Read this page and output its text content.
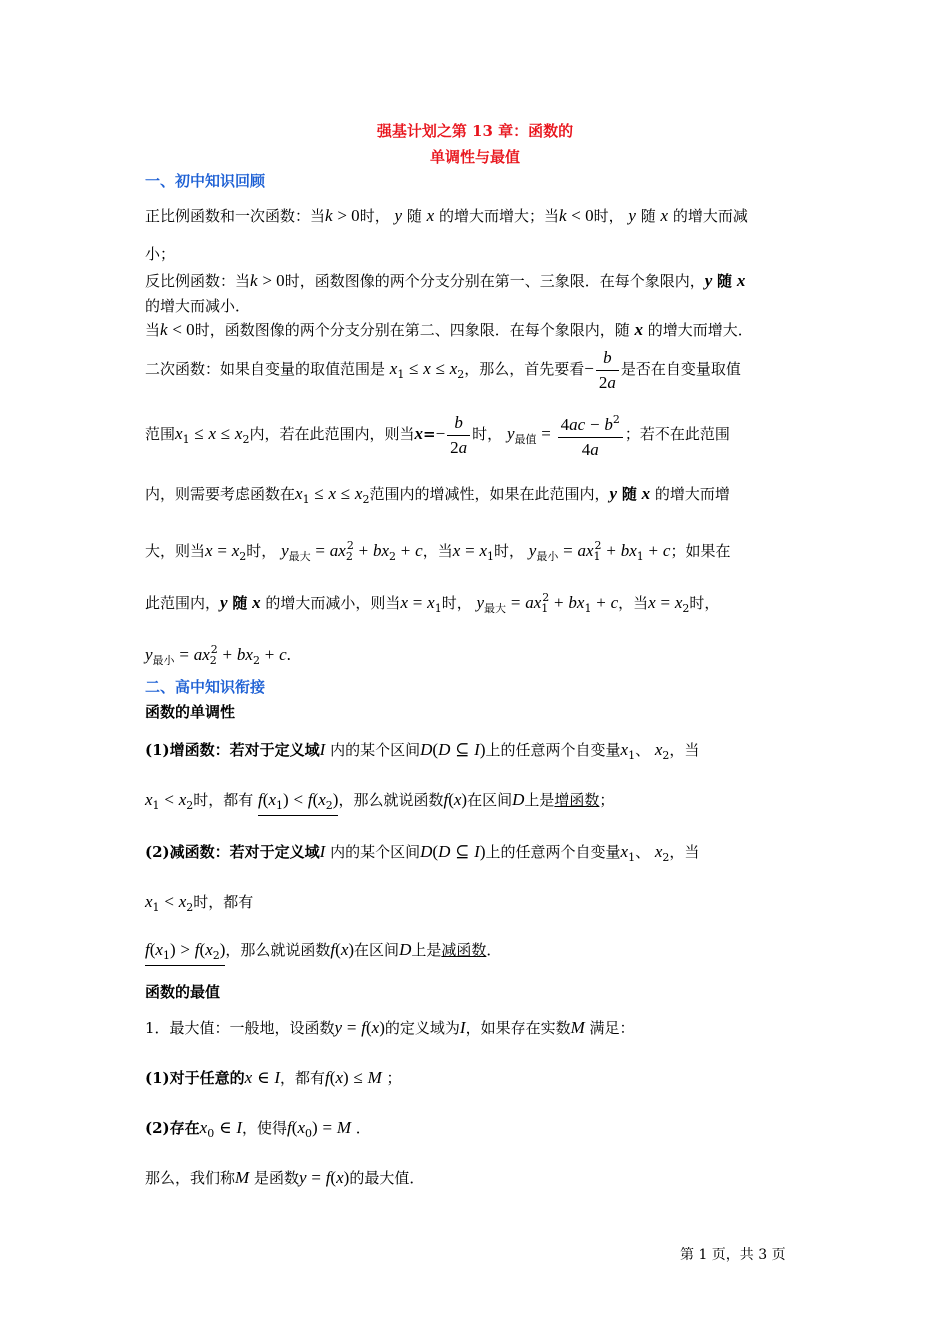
强基计划之第 13 章：函数的
单调性与最值
一、初中知识回顾
正比例函数和一次函数：当k > 0时， y 随 x 的增大而增大；当k < 0时， y 随 x 的增大而减
小；
反比例函数：当k > 0时，函数图像的两个分支分别在第一、三象限．在每个象限内，y 随 x
的增大而减小．
当k < 0时，函数图像的两个分支分别在第二、四象限．在每个象限内，随 x 的增大而增大．
二次函数：如果自变量的取值范围是 $x_1 \le x \le x_2$，那么，首先要看− $\frac{b}{2a}$ 是否在自变量取值
范围$x_1 \le x \le x_2$内，若在此范围内，则当$x=- \frac{b}{2a}$ 时， $y_{最值} = \frac{4ac - b^2}{4a}$ ；若不在此范围
内，则需要考虑函数在$x_1 \le x \le x_2$范围内的增减性，如果在此范围内，y 随 x 的增大而增
大，则当$x = x_2$时， $y_{最大} = ax_2^2 + bx_2 + c$，当$x = x_1$时， $y_{最小} = ax_1^2 + bx_1 + c$；如果在
此范围内，y 随 x 的增大而减小，则当$x = x_1$时， $y_{最大} = ax_1^2 + bx_1 + c$，当$x = x_2$时，
$y_{最小} = ax_2^2 + bx_2 + c$.
二、高中知识衔接
函数的单调性
(1)增函数：若对于定义域I 内的某个区间D(D ⊆ I)上的任意两个自变量$x_1$、 $x_2$，当
$x_1 < x_2$时，都有 $f(x_1) < f(x_2)$，那么就说函数f(x)在区间D上是增函数；
(2)减函数：若对于定义域I 内的某个区间D(D ⊆ I)上的任意两个自变量$x_1$、 $x_2$，当
$x_1 < x_2$时，都有
$f(x_1) > f(x_2)$，那么就说函数f(x)在区间D上是减函数．
函数的最值
1．最大值：一般地，设函数y = f(x)的定义域为I，如果存在实数M 满足：
(1)对于任意的x ∈ I，都有f(x) ≤ M ；
(2)存在$x_0$ ∈ I，使得$f(x_0) = M$ ．
那么，我们称M 是函数y = f(x)的最大值．
第 1 页，共 3 页
